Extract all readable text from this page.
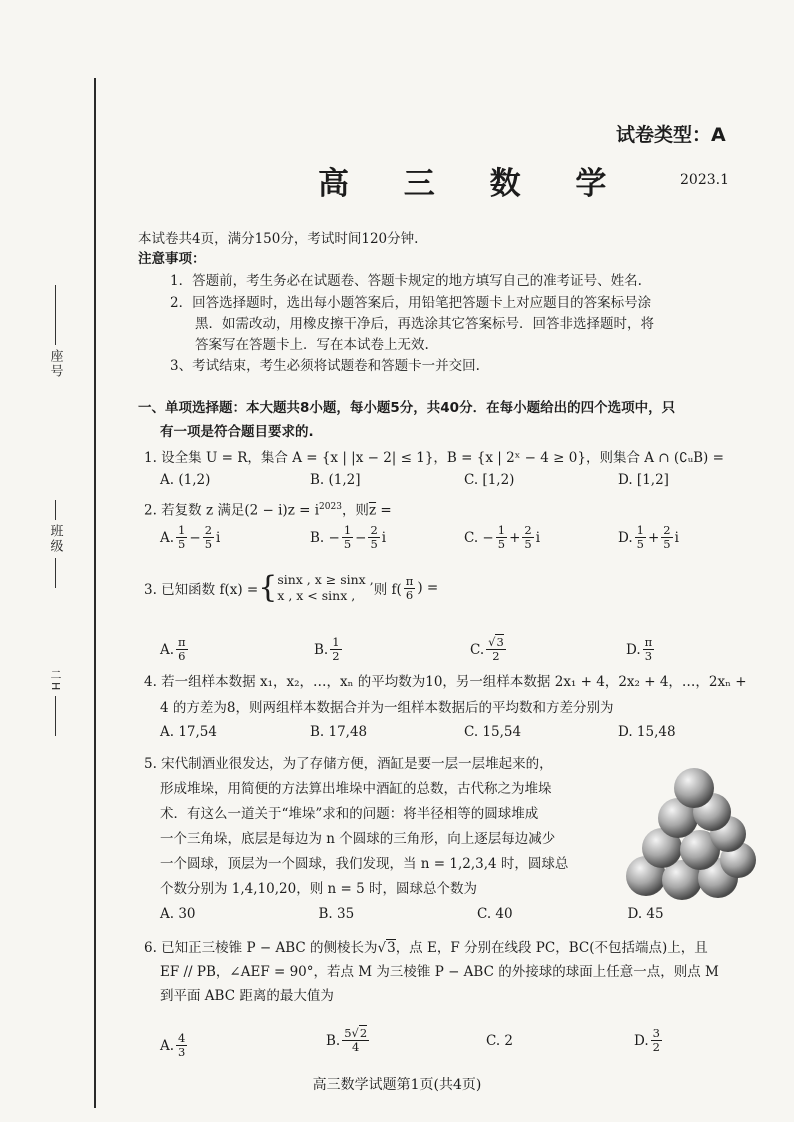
座号
班级
二H
试卷类型：A
高 三 数 学	2023.1
本试卷共4页，满分150分，考试时间120分钟.
注意事项：
1．答题前，考生务必在试题卷、答题卡规定的地方填写自己的准考证号、姓名.
2．回答选择题时，选出每小题答案后，用铅笔把答题卡上对应题目的答案标号涂
黑．如需改动，用橡皮擦干净后，再选涂其它答案标号．回答非选择题时，将
答案写在答题卡上．写在本试卷上无效.
3、考试结束，考生必须将试题卷和答题卡一并交回.
一、单项选择题：本大题共8小题，每小题5分，共40分．在每小题给出的四个选项中，只
有一项是符合题目要求的.
1. 设全集 U = R，集合 A = {x | |x − 2| ≤ 1}，B = {x | 2ˣ − 4 ≥ 0}，则集合 A ∩ (∁ᵤB) =
A. (1,2)	B. (1,2]	C. [1,2)	D. [1,2]
2. 若复数 z 满足$(2 - i)z = i^{2023}$，则$\overline{z}$ =
A. $\frac{1}{5} - \frac{2}{5}$ i	B. − $\frac{1}{5} - \frac{2}{5}$ i	C. − $\frac{1}{5} + \frac{2}{5}$ i	D. $\frac{1}{5} + \frac{2}{5}$ i
3. 已知函数 f(x) = { sinx , x ≥ sinx ,
x , x < sinx ,	则 $f( \frac{\pi}{6}$ ) =
A. $\frac{\pi}{6}$	B. $\frac{1}{2}$	C. $\frac{√3}{2}$	D. $\frac{\pi}{3}$
4. 若一组样本数据 x₁，x₂，…，xₙ 的平均数为10，另一组样本数据 2x₁ + 4，2x₂ + 4，…，2xₙ +
4 的方差为8，则两组样本数据合并为一组样本数据后的平均数和方差分别为
A. 17,54	B. 17,48	C. 15,54	D. 15,48
5. 宋代制酒业很发达，为了存储方便，酒缸是要一层一层堆起来的，
形成堆垛，用简便的方法算出堆垛中酒缸的总数，古代称之为堆垛
术．有这么一道关于“堆垛”求和的问题：将半径相等的圆球堆成
一个三角垛，底层是每边为 n 个圆球的三角形，向上逐层每边减少
一个圆球，顶层为一个圆球，我们发现，当 n = 1,2,3,4 时，圆球总
个数分别为 1,4,10,20，则 n = 5 时，圆球总个数为
A. 30	B. 35	C. 40	D. 45
6. 已知正三棱锥 P − ABC 的侧棱长为√3，点 E，F 分别在线段 PC，BC(不包括端点)上，且
EF // PB，∠AEF = 90°，若点 M 为三棱锥 P − ABC 的外接球的球面上任意一点，则点 M
到平面 ABC 距离的最大值为
A. $\frac{4}{3}$	B. $\frac{5√2}{4}$	C. 2	D. $\frac{3}{2}$
高三数学试题第1页(共4页)
